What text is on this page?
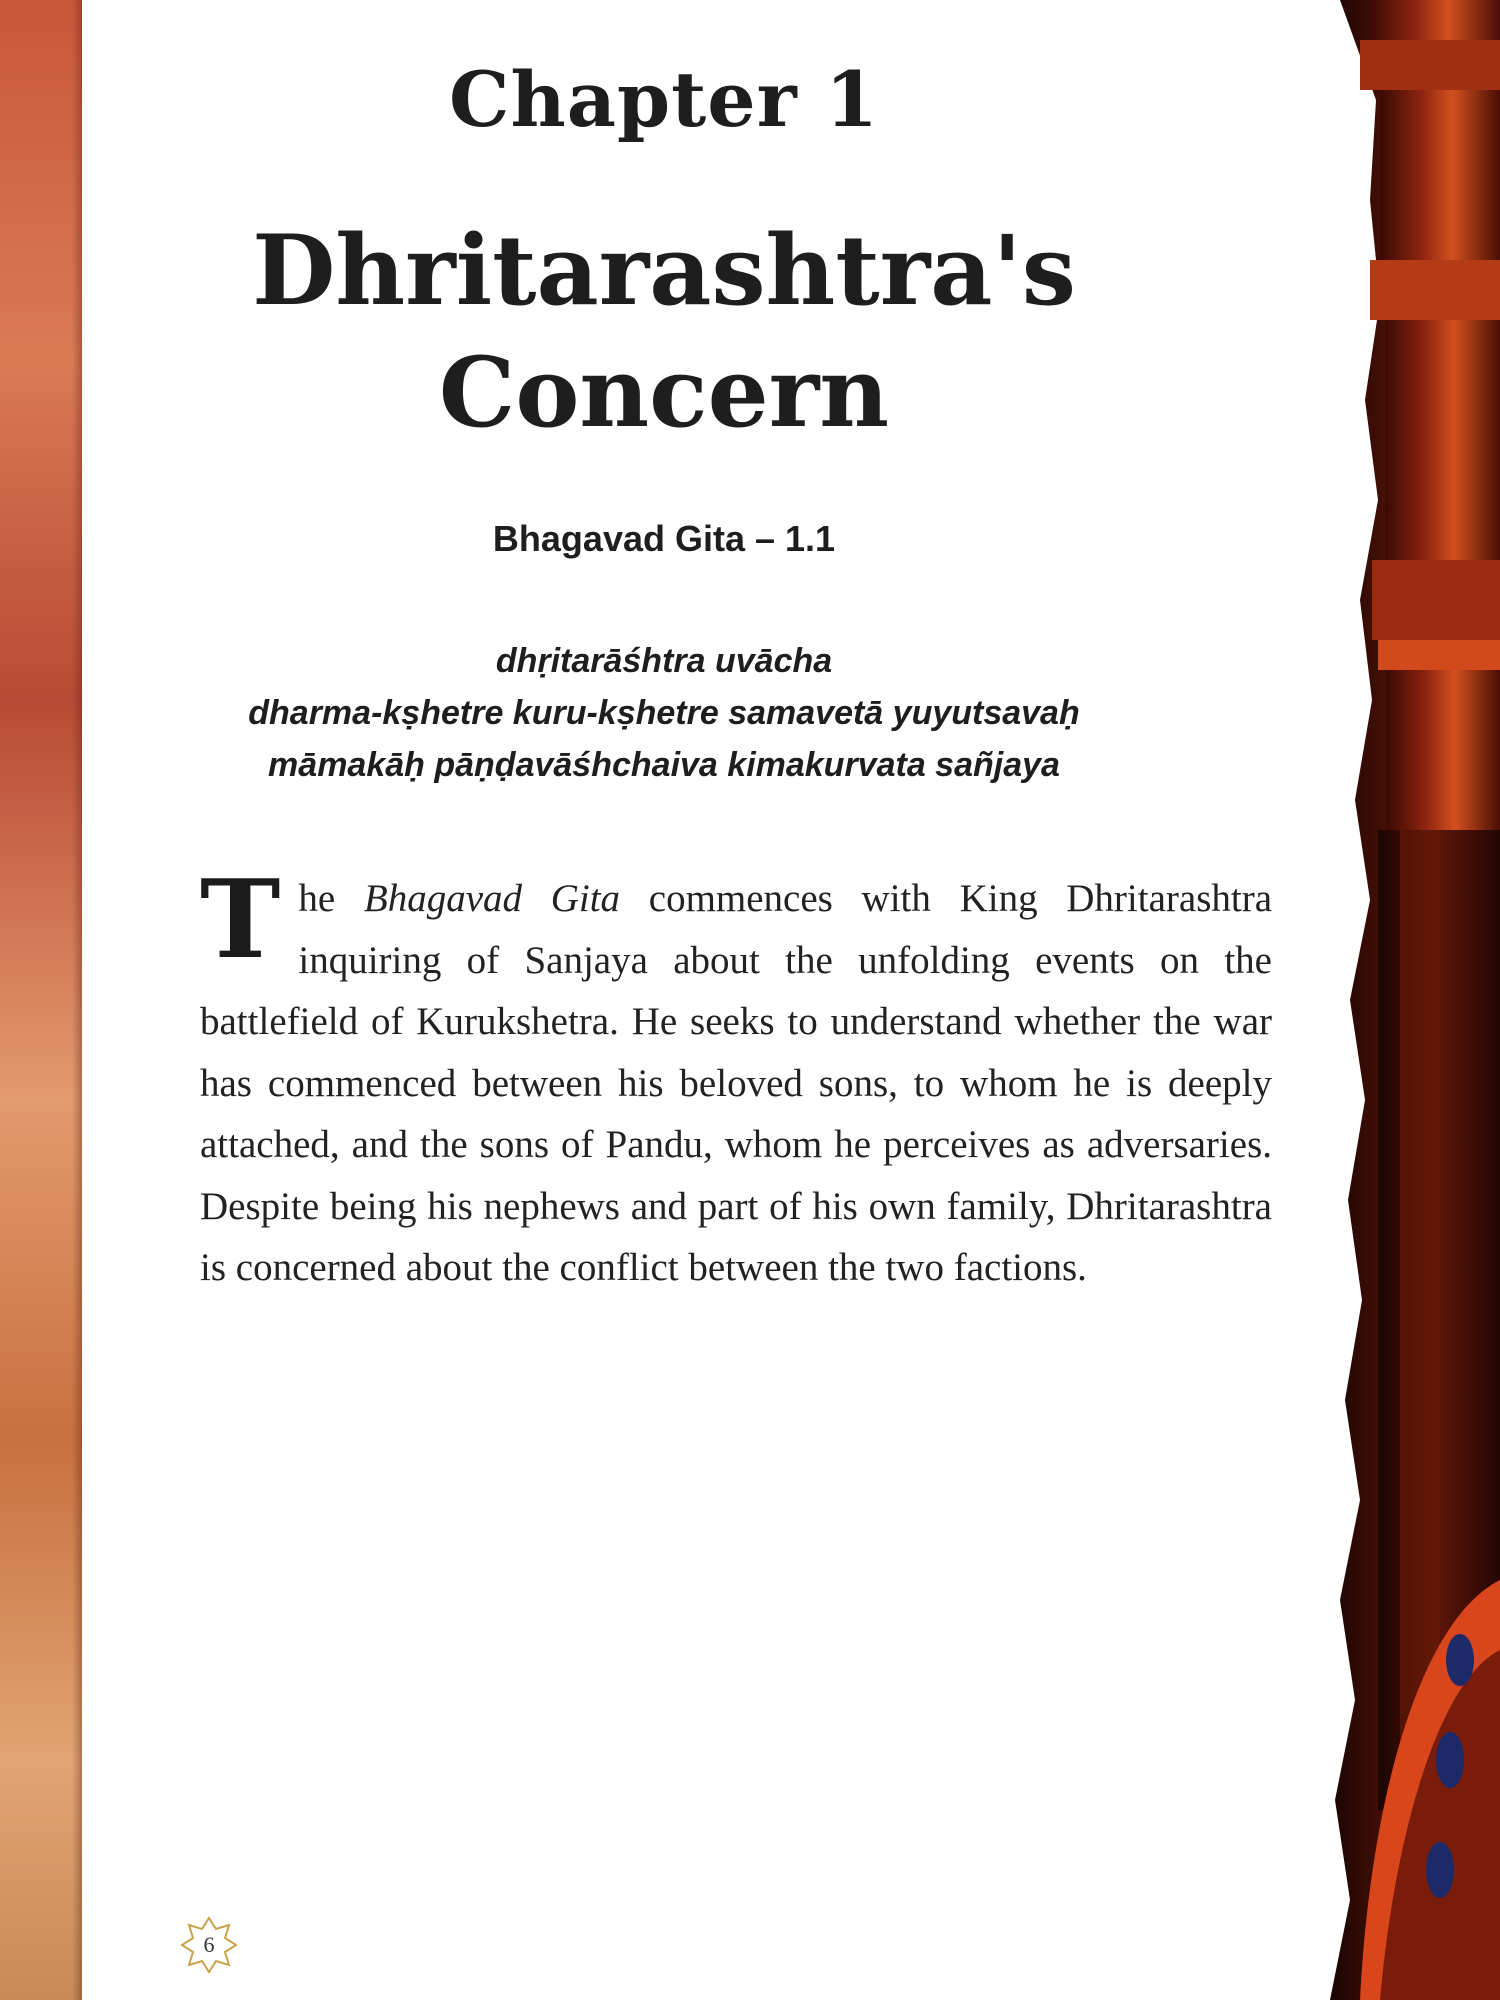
Chapter 1
Dhritarashtra's
Concern
Bhagavad Gita – 1.1
dhṛitarāśhtra uvācha
dharma-kṣhetre kuru-kṣhetre samavetā yuyutsavaḥ
māmakāḥ pāṇḍavāśhchaiva kimakurvata sañjaya
The Bhagavad Gita commences with King Dhritarashtra inquiring of Sanjaya about the unfolding events on the battlefield of Kurukshetra. He seeks to understand whether the war has commenced between his beloved sons, to whom he is deeply attached, and the sons of Pandu, whom he perceives as adversaries. Despite being his nephews and part of his own family, Dhritarashtra is concerned about the conflict between the two factions.
6
